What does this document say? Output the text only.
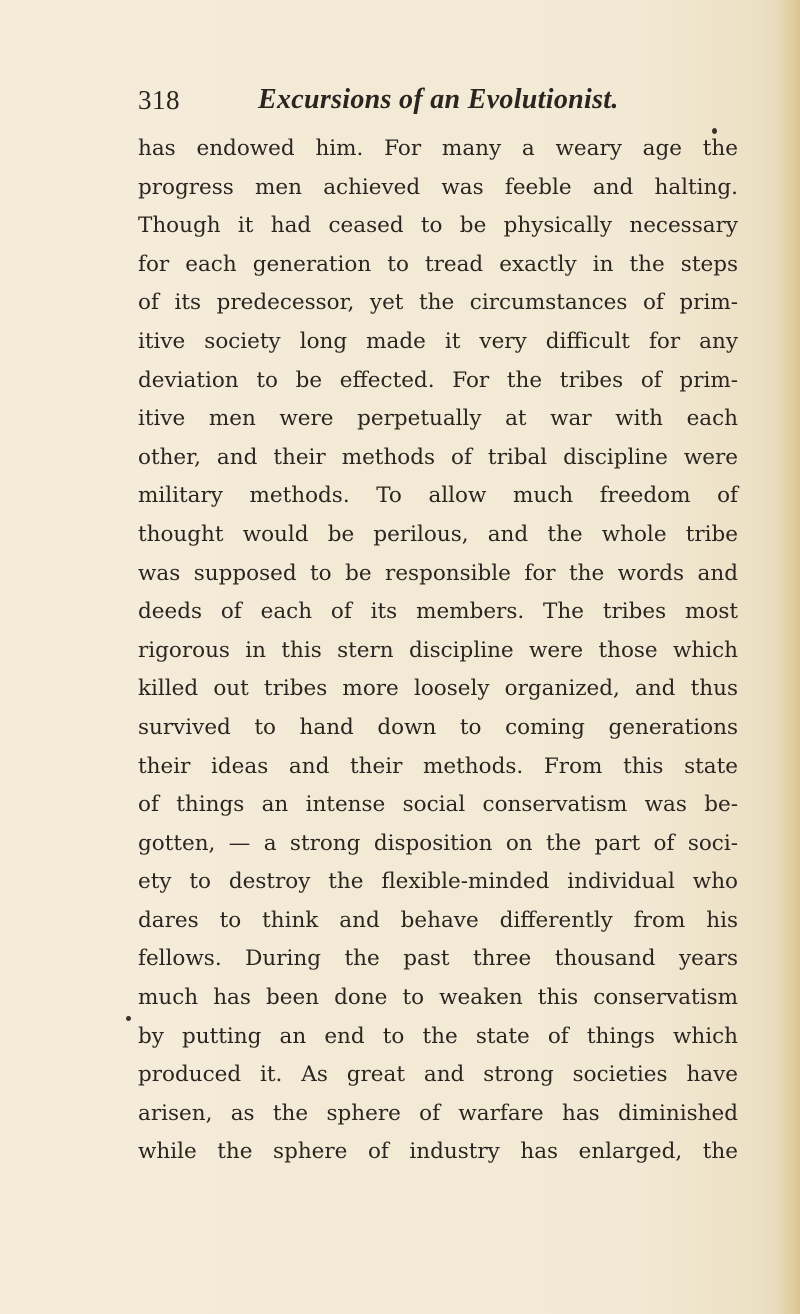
318	Excursions of an Evolutionist.
has endowed him. For many a weary age the
progress men achieved was feeble and halting.
Though it had ceased to be physically necessary
for each generation to tread exactly in the steps
of its predecessor, yet the circumstances of prim-
itive society long made it very difficult for any
deviation to be effected. For the tribes of prim-
itive men were perpetually at war with each
other, and their methods of tribal discipline were
military methods. To allow much freedom of
thought would be perilous, and the whole tribe
was supposed to be responsible for the words and
deeds of each of its members. The tribes most
rigorous in this stern discipline were those which
killed out tribes more loosely organized, and thus
survived to hand down to coming generations
their ideas and their methods. From this state
of things an intense social conservatism was be-
gotten, — a strong disposition on the part of soci-
ety to destroy the flexible-minded individual who
dares to think and behave differently from his
fellows. During the past three thousand years
much has been done to weaken this conservatism
by putting an end to the state of things which
produced it. As great and strong societies have
arisen, as the sphere of warfare has diminished
while the sphere of industry has enlarged, the
